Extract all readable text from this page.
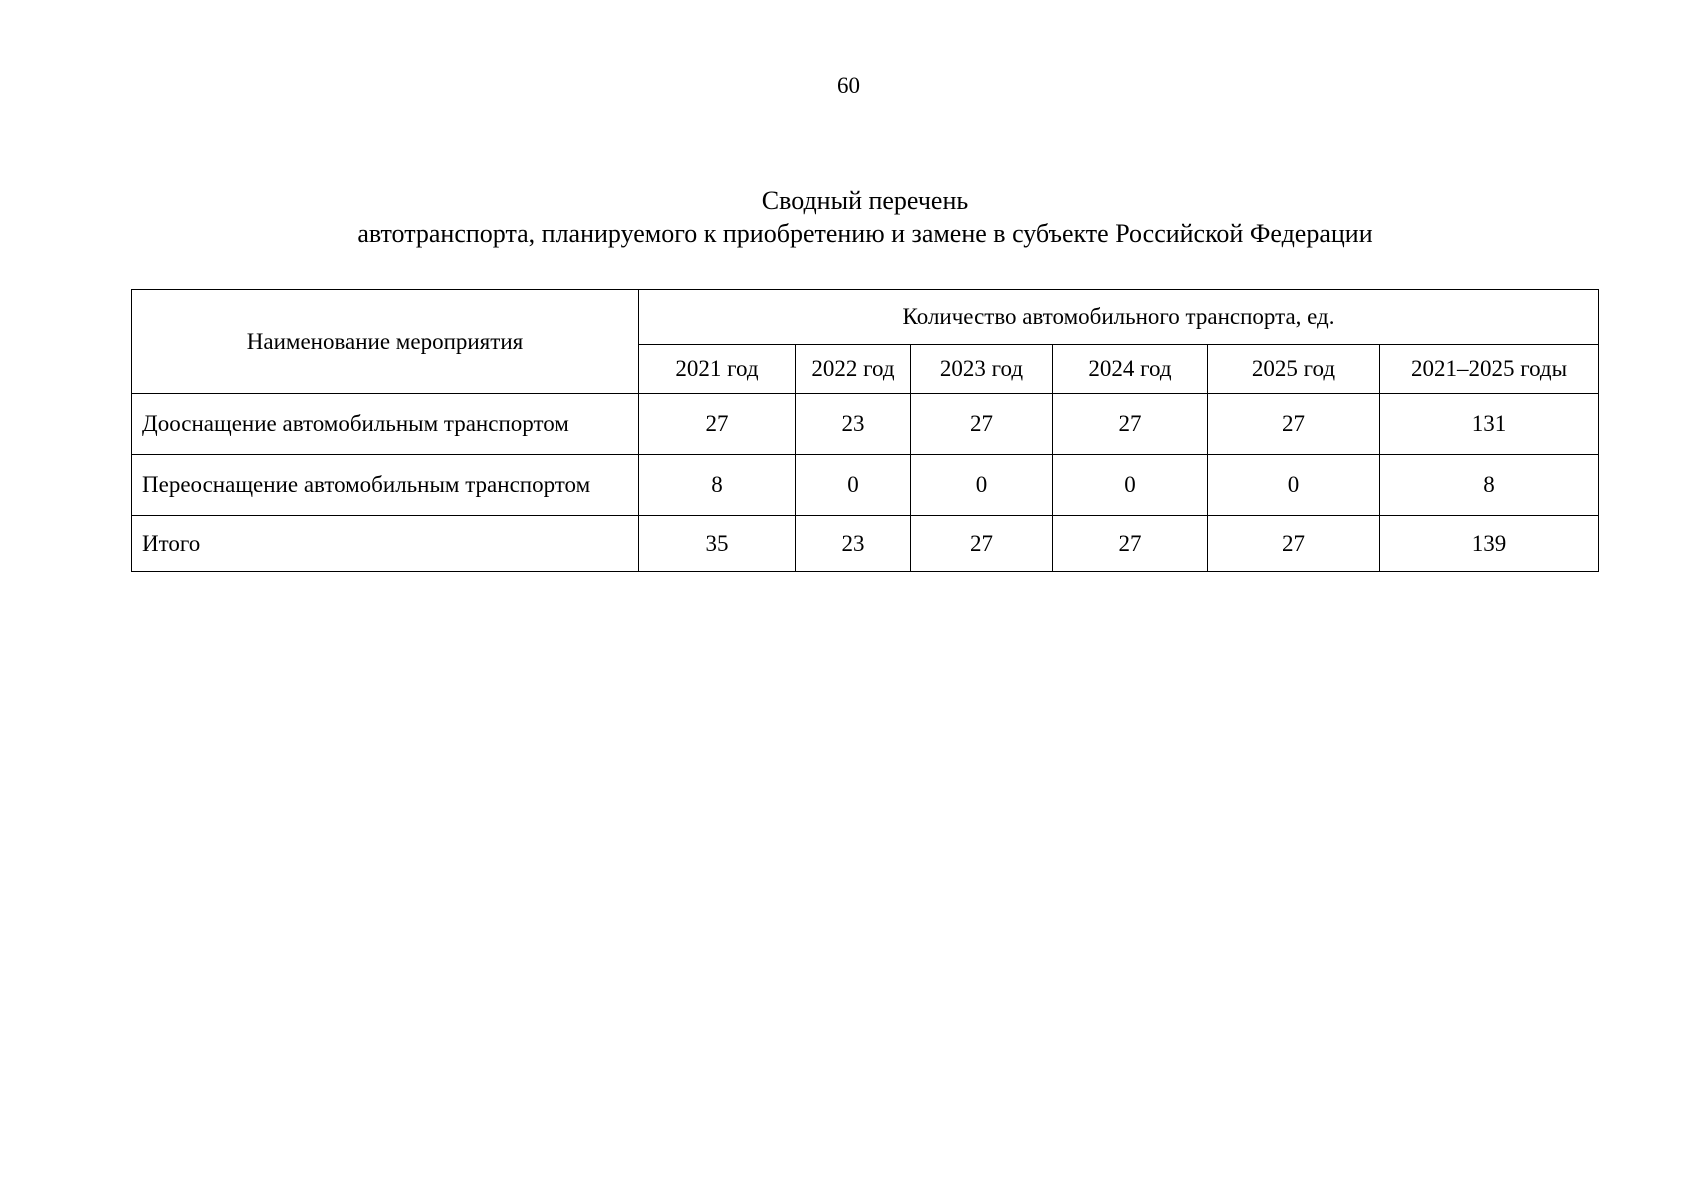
60
Сводный перечень
автотранспорта, планируемого к приобретению и замене в субъекте Российской Федерации
Наименование мероприятия	Количество автомобильного транспорта, ед.					
	2021 год	2022 год	2023 год	2024 год	2025 год	2021–2025 годы
Дооснащение автомобильным транспортом	27	23	27	27	27	131
Переоснащение автомобильным транспортом	8	0	0	0	0	8
Итого	35	23	27	27	27	139
